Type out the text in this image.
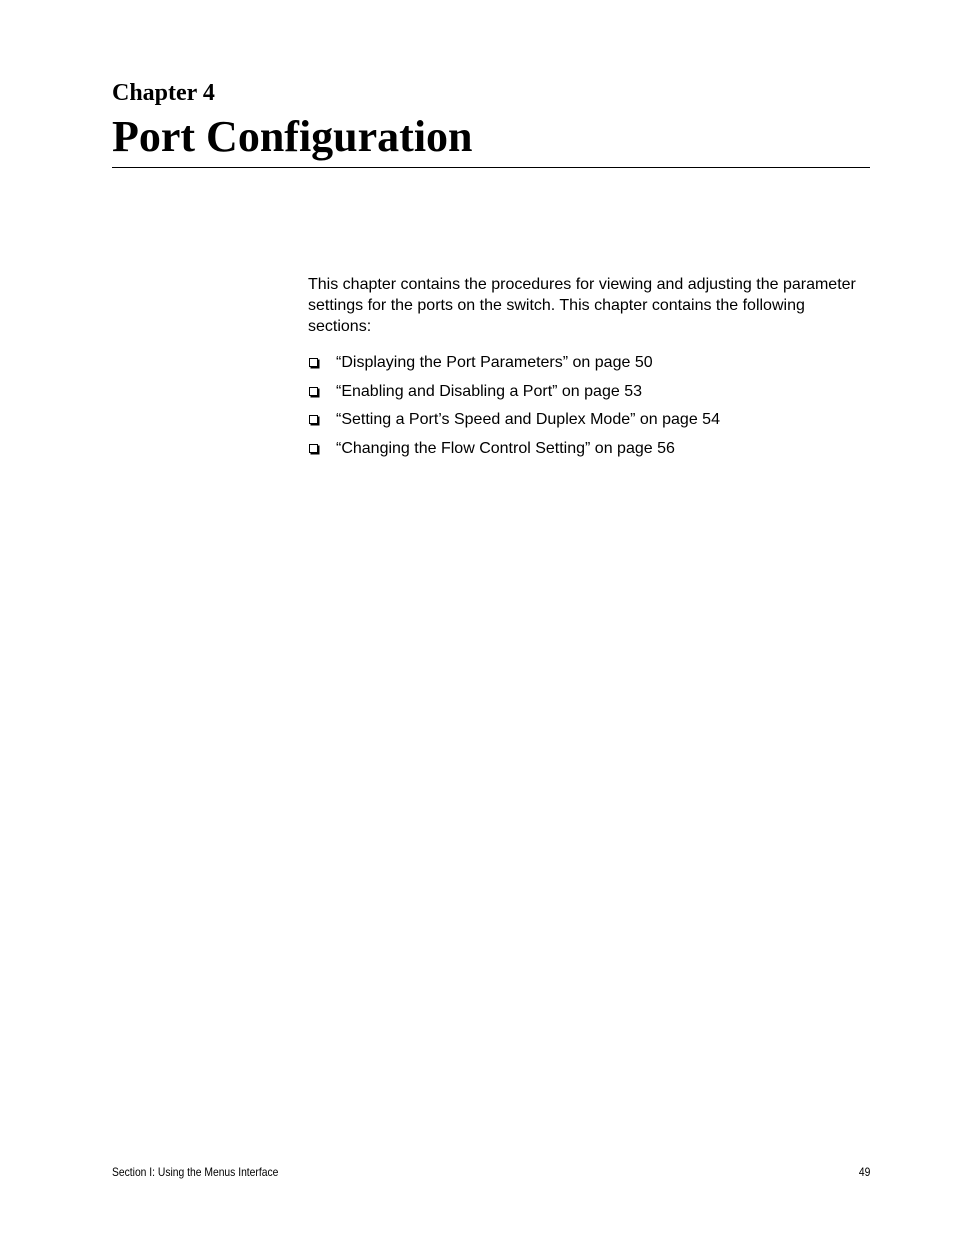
Chapter 4
Port Configuration

This chapter contains the procedures for viewing and adjusting the parameter settings for the ports on the switch. This chapter contains the following sections:

“Displaying the Port Parameters” on page 50
“Enabling and Disabling a Port” on page 53
“Setting a Port’s Speed and Duplex Mode” on page 54
“Changing the Flow Control Setting” on page 56
Section I: Using the Menus Interface	49
